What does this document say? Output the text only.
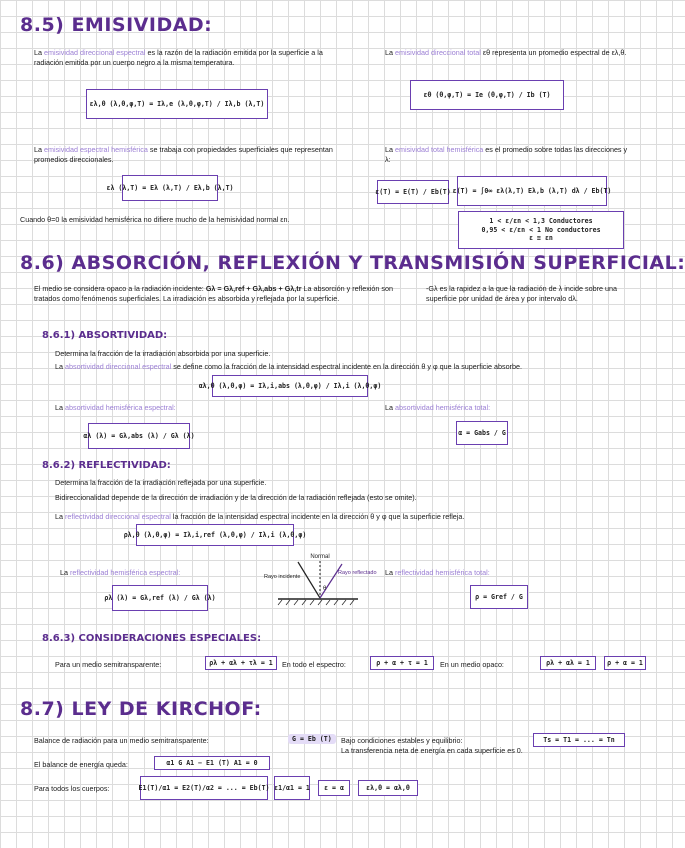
8.5) EMISIVIDAD:
La emisividad direccional espectral es la razón de la radiación emitida por la superficie a la radiación emitida por un cuerpo negro a la misma temperatura.
ελ,θ (λ,θ,φ,T) = Iλ,e (λ,θ,φ,T) / Iλ,b (λ,T)
La emisividad direccional total εθ representa un promedio espectral de ελ,θ.
εθ (θ,φ,T) = Ie (θ,φ,T) / Ib (T)
La emisividad espectral hemisférica se trabaja con propiedades superficiales que representan promedios direccionales.
ελ (λ,T) = Eλ (λ,T) / Eλ,b (λ,T)
La emisividad total hemisférica es el promedio sobre todas las direcciones y λ:
ε(T) = E(T) / Eb(T) ε(T) = ∫0∞ ελ(λ,T) Eλ,b (λ,T) dλ / Eb(T)
Cuando θ=0 la emisividad hemisférica no difiere mucho de la hemisividad normal εn.	1 < ε/εn < 1,3 Conductores
0,95 < ε/εn < 1 No conductores
ε ≅ εn
8.6) ABSORCIÓN, REFLEXIÓN Y TRANSMISIÓN SUPERFICIAL:
El medio se considera opaco a la radiación incidente: Gλ = Gλ,ref + Gλ,abs + Gλ,tr La absorción y reflexión son tratados como fenómenos superficiales. La irradiación es absorbida y reflejada por la superficie.
-Gλ es la rapidez a la que la radiación de λ incide sobre una superficie por unidad de área y por intervalo dλ.
8.6.1) ABSORTIVIDAD:
Determina la fracción de la irradiación absorbida por una superficie.
La absortividad direccional espectral se define como la fracción de la intensidad espectral incidente en la dirección θ y φ que la superficie absorbe.
αλ,θ (λ,θ,φ) = Iλ,i,abs (λ,θ,φ) / Iλ,i (λ,θ,φ)
La absortividad hemisférica espectral:
αλ (λ) = Gλ,abs (λ) / Gλ (λ)
La absortividad hemisférica total:
α = Gabs / G
8.6.2) REFLECTIVIDAD:
Determina la fracción de la irradiación reflejada por una superficie.
Bidireccionalidad depende de la dirección de irradiación y de la dirección de la radiación reflejada (esto se omite).
La reflectividad direccional espectral la fracción de la intensidad espectral incidente en la dirección θ y φ que la superficie refleja.
ρλ,θ (λ,θ,φ) = Iλ,i,ref (λ,θ,φ) / Iλ,i (λ,θ,φ)
La reflectividad hemisférica espectral:
ρλ (λ) = Gλ,ref (λ) / Gλ (λ)
Normal
Rayo incidente
Rayo reflectado
θ
La reflectividad hemisférica total:
ρ = Gref / G
8.6.3) CONSIDERACIONES ESPECIALES:
Para un medio semitransparente:	ρλ + αλ + τλ = 1 En todo el espectro:	ρ + α + τ = 1 En un medio opaco:	ρλ + αλ = 1	ρ + α = 1
8.7) LEY DE KIRCHOF:
Balance de radiación para un medio semitransparente:	G = Eb (T)	Bajo condiciones estables y equilibrio:	Ts = T1 = ... = Tn
La transferencia neta de energía en cada superficie es 0.
El balance de energía queda:	α1 G A1 − E1 (T) A1 = 0
Para todos los cuerpos:	E1(T)/α1 = E2(T)/α2 = ... = Eb(T) ε1/α1 = 1 ε = α	ελ,θ = αλ,θ
